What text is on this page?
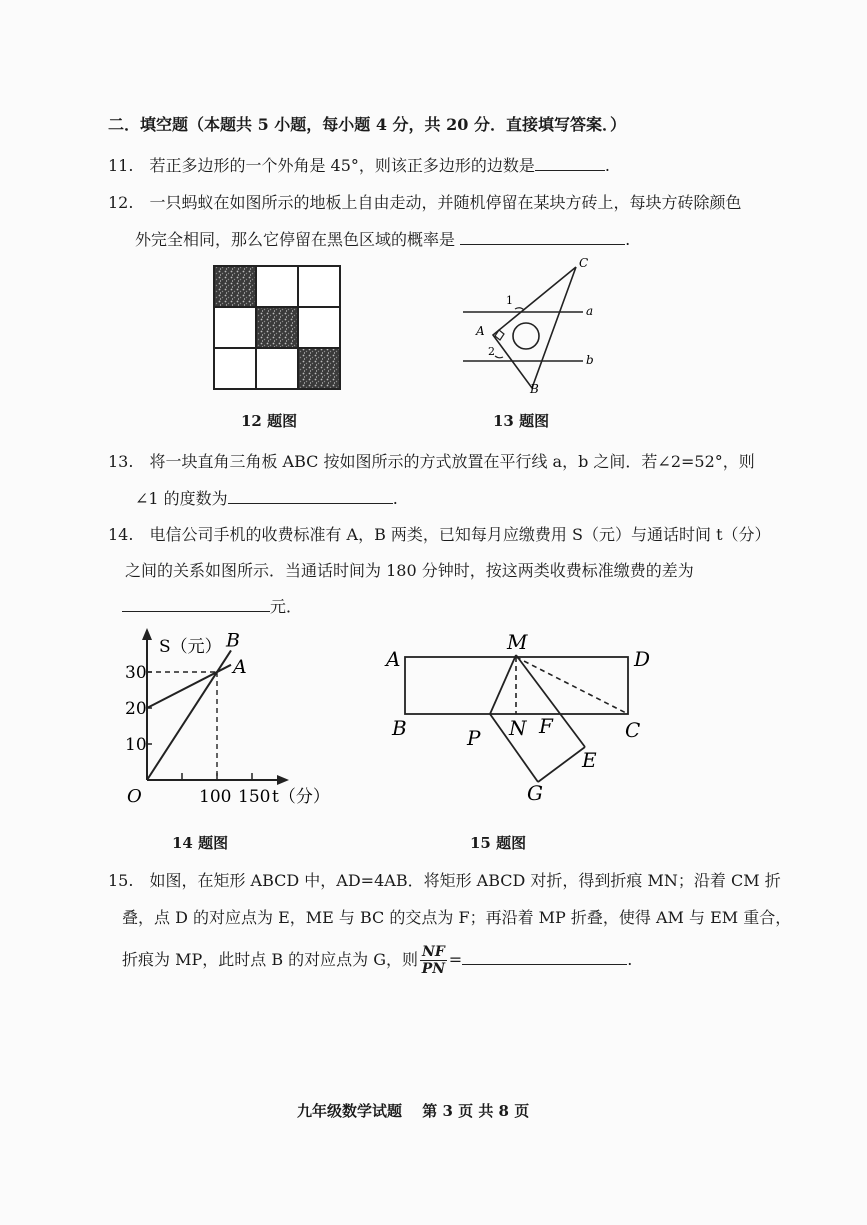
二．填空题（本题共 5 小题，每小题 4 分，共 20 分．直接填写答案．）
11.　若正多边形的一个外角是 45°，则该正多边形的边数是	.
12.　一只蚂蚁在如图所示的地板上自由走动，并随机停留在某块方砖上，每块方砖除颜色
外完全相同，那么它停留在黑色区域的概率是	.
12 题图
C
A
B
a
b
1
2
13 题图
13.　将一块直角三角板 ABC 按如图所示的方式放置在平行线 a，b 之间．若∠2=52°，则
∠1 的度数为	.
14.　电信公司手机的收费标准有 A，B 两类，已知每月应缴费用 S（元）与通话时间 t（分）
之间的关系如图所示．当通话时间为 180 分钟时，按这两类收费标准缴费的差为
元．
10
20
30
100 150
O
S（元）
t（分）
A
B
14 题图
A
M
D
B	P N F	C
E
G
15 题图
15.　如图，在矩形 ABCD 中，AD=4AB．将矩形 ABCD 对折，得到折痕 MN；沿着 CM 折
叠，点 D 的对应点为 E，ME 与 BC 的交点为 F；再沿着 MP 折叠，使得 AM 与 EM 重合，
折痕为 MP，此时点 B 的对应点为 G，则 $\frac{NF}{PN}$ =	.
九年级数学试题　 第 3 页 共 8 页
